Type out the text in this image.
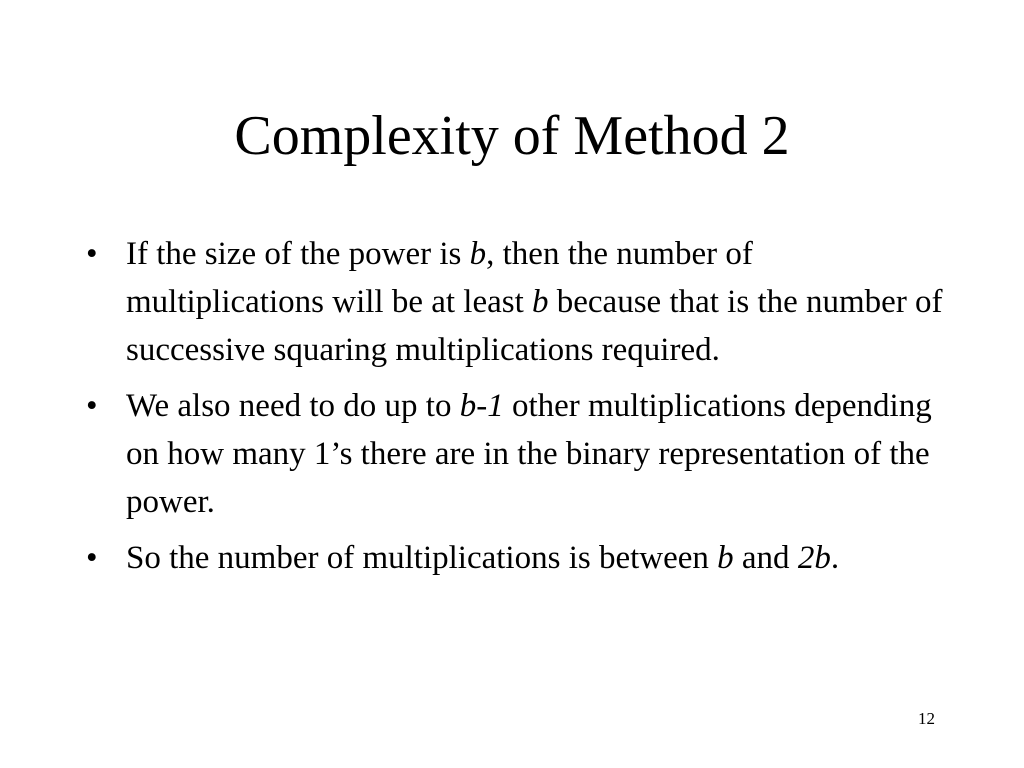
Complexity of Method 2
• If the size of the power is b, then the number of multiplications will be at least b because that is the number of successive squaring multiplications required.
• We also need to do up to b-1 other multiplications depending on how many 1’s there are in the binary representation of the power.
• So the number of multiplications is between b and 2b.
12
